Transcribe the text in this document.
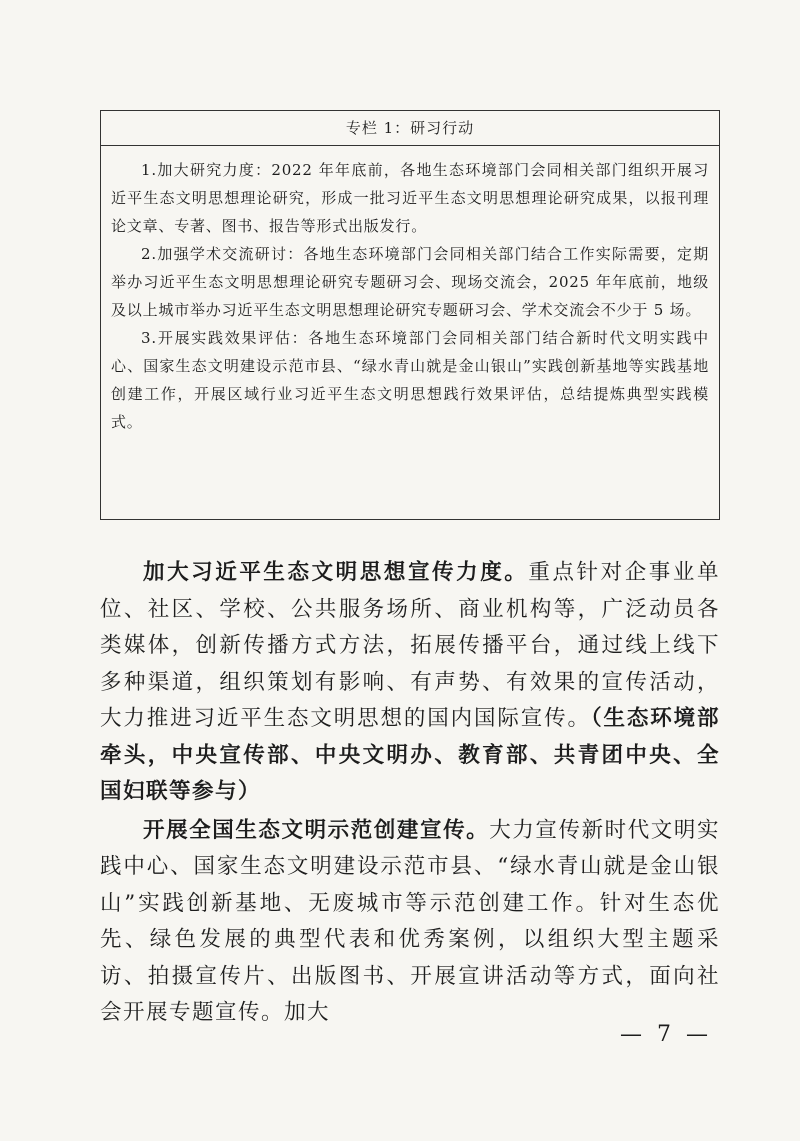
专栏 1：研习行动

1.加大研究力度：2022 年年底前，各地生态环境部门会同相关部门组织开展习近平生态文明思想理论研究，形成一批习近平生态文明思想理论研究成果，以报刊理论文章、专著、图书、报告等形式出版发行。

2.加强学术交流研讨：各地生态环境部门会同相关部门结合工作实际需要，定期举办习近平生态文明思想理论研究专题研习会、现场交流会，2025 年年底前，地级及以上城市举办习近平生态文明思想理论研究专题研习会、学术交流会不少于 5 场。

3.开展实践效果评估：各地生态环境部门会同相关部门结合新时代文明实践中心、国家生态文明建设示范市县、“绿水青山就是金山银山”实践创新基地等实践基地创建工作，开展区域行业习近平生态文明思想践行效果评估，总结提炼典型实践模式。

加大习近平生态文明思想宣传力度。重点针对企事业单位、社区、学校、公共服务场所、商业机构等，广泛动员各类媒体，创新传播方式方法，拓展传播平台，通过线上线下多种渠道，组织策划有影响、有声势、有效果的宣传活动，大力推进习近平生态文明思想的国内国际宣传。（生态环境部牵头，中央宣传部、中央文明办、教育部、共青团中央、全国妇联等参与）

开展全国生态文明示范创建宣传。大力宣传新时代文明实践中心、国家生态文明建设示范市县、“绿水青山就是金山银山”实践创新基地、无废城市等示范创建工作。针对生态优先、绿色发展的典型代表和优秀案例，以组织大型主题采访、拍摄宣传片、出版图书、开展宣讲活动等方式，面向社会开展专题宣传。加大

— 7 —
